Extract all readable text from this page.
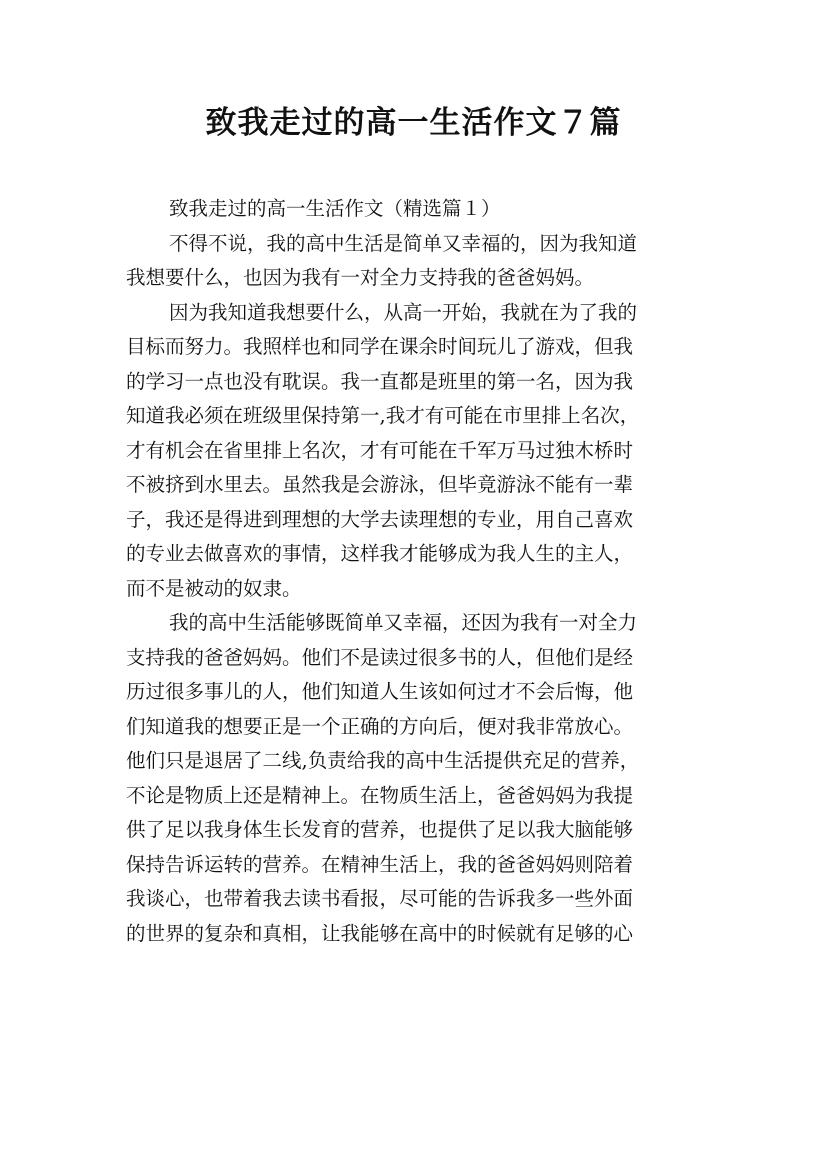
致我走过的高一生活作文７篇
致我走过的高一生活作文（精选篇１）
不得不说，我的高中生活是简单又幸福的，因为我知道
我想要什么，也因为我有一对全力支持我的爸爸妈妈。
因为我知道我想要什么，从高一开始，我就在为了我的
目标而努力。我照样也和同学在课余时间玩儿了游戏，但我
的学习一点也没有耽误。我一直都是班里的第一名，因为我
知道我必须在班级里保持第一,我才有可能在市里排上名次，
才有机会在省里排上名次，才有可能在千军万马过独木桥时
不被挤到水里去。虽然我是会游泳，但毕竟游泳不能有一辈
子，我还是得进到理想的大学去读理想的专业，用自己喜欢
的专业去做喜欢的事情，这样我才能够成为我人生的主人，
而不是被动的奴隶。
我的高中生活能够既简单又幸福，还因为我有一对全力
支持我的爸爸妈妈。他们不是读过很多书的人，但他们是经
历过很多事儿的人，他们知道人生该如何过才不会后悔，他
们知道我的想要正是一个正确的方向后，便对我非常放心。
他们只是退居了二线,负责给我的高中生活提供充足的营养，
不论是物质上还是精神上。在物质生活上，爸爸妈妈为我提
供了足以我身体生长发育的营养，也提供了足以我大脑能够
保持告诉运转的营养。在精神生活上，我的爸爸妈妈则陪着
我谈心，也带着我去读书看报，尽可能的告诉我多一些外面
的世界的复杂和真相，让我能够在高中的时候就有足够的心
